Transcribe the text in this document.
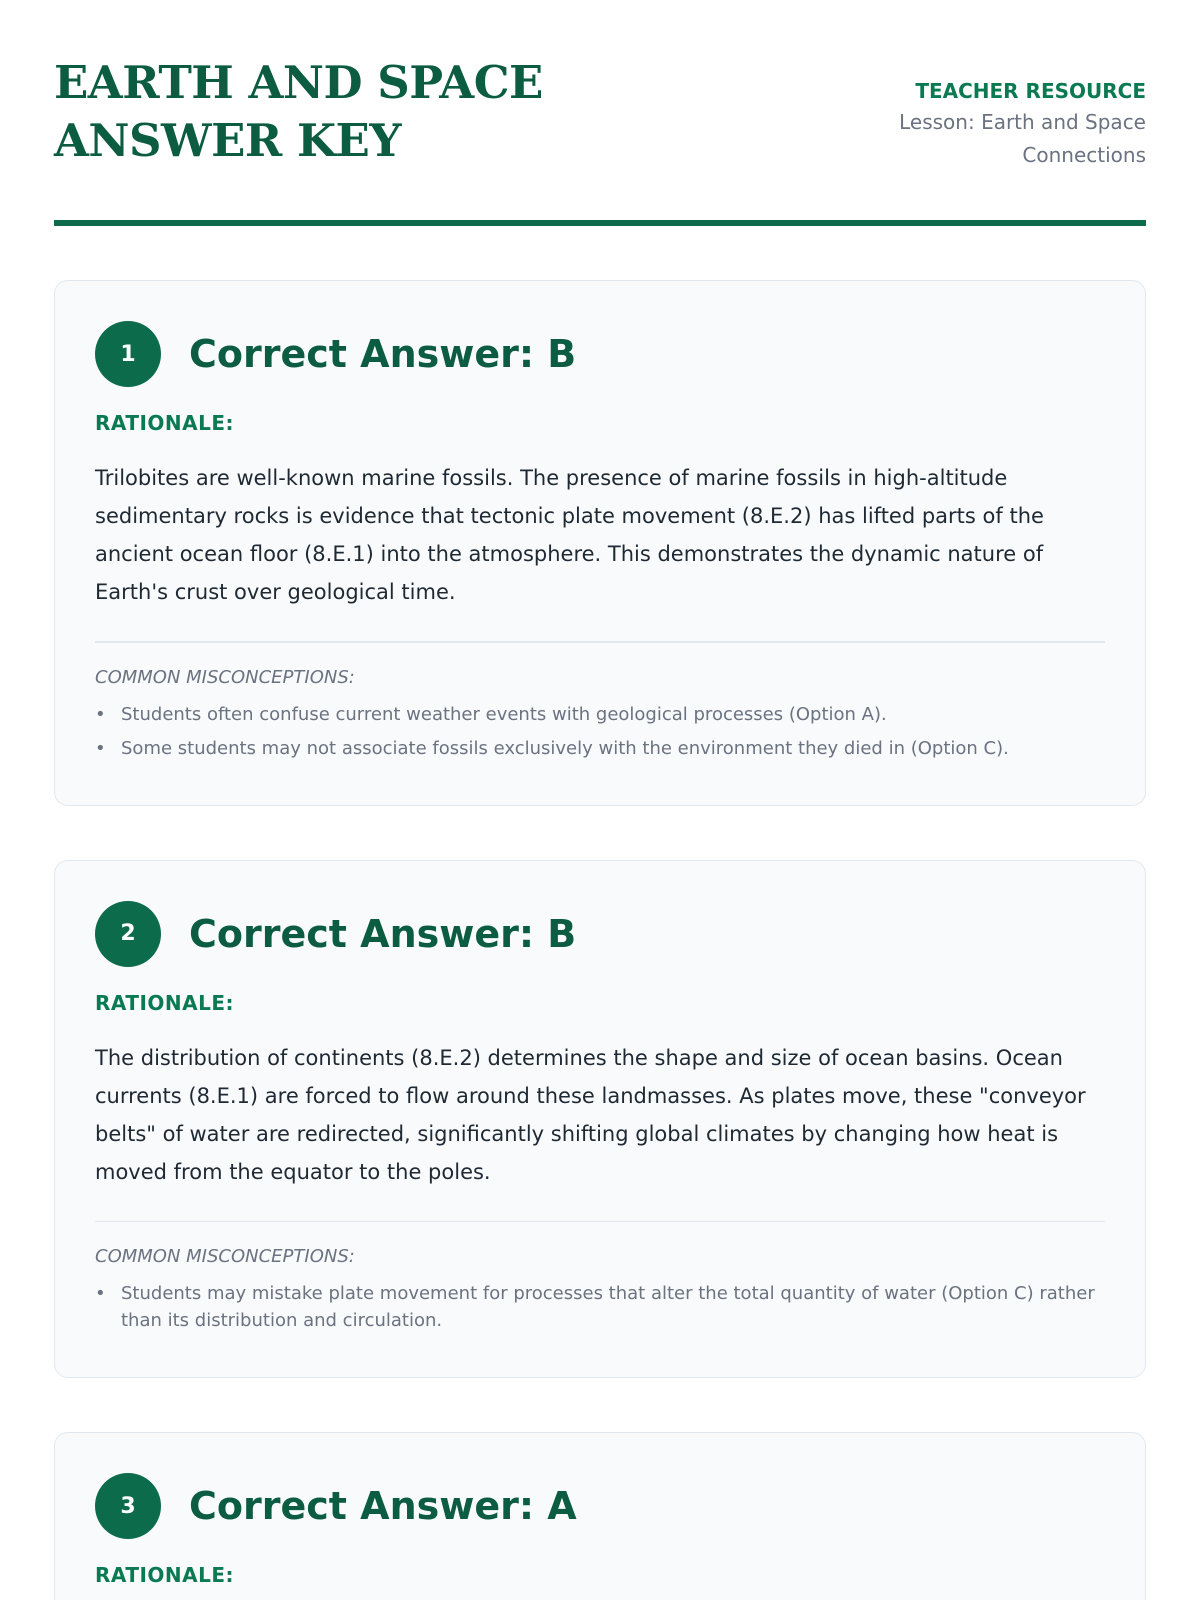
EARTH AND SPACE ANSWER KEY
TEACHER RESOURCE
Lesson: Earth and Space Connections
1	Correct Answer: B
RATIONALE:

Trilobites are well-known marine fossils. The presence of marine fossils in high-altitude sedimentary rocks is evidence that tectonic plate movement (8.E.2) has lifted parts of the ancient ocean floor (8.E.1) into the atmosphere. This demonstrates the dynamic nature of Earth's crust over geological time.

COMMON MISCONCEPTIONS:
• Students often confuse current weather events with geological processes (Option A).
• Some students may not associate fossils exclusively with the environment they died in (Option C).
2	Correct Answer: B
RATIONALE:

The distribution of continents (8.E.2) determines the shape and size of ocean basins. Ocean currents (8.E.1) are forced to flow around these landmasses. As plates move, these "conveyor belts" of water are redirected, significantly shifting global climates by changing how heat is moved from the equator to the poles.

COMMON MISCONCEPTIONS:
• Students may mistake plate movement for processes that alter the total quantity of water (Option C) rather than its distribution and circulation.
3	Correct Answer: A
RATIONALE:
